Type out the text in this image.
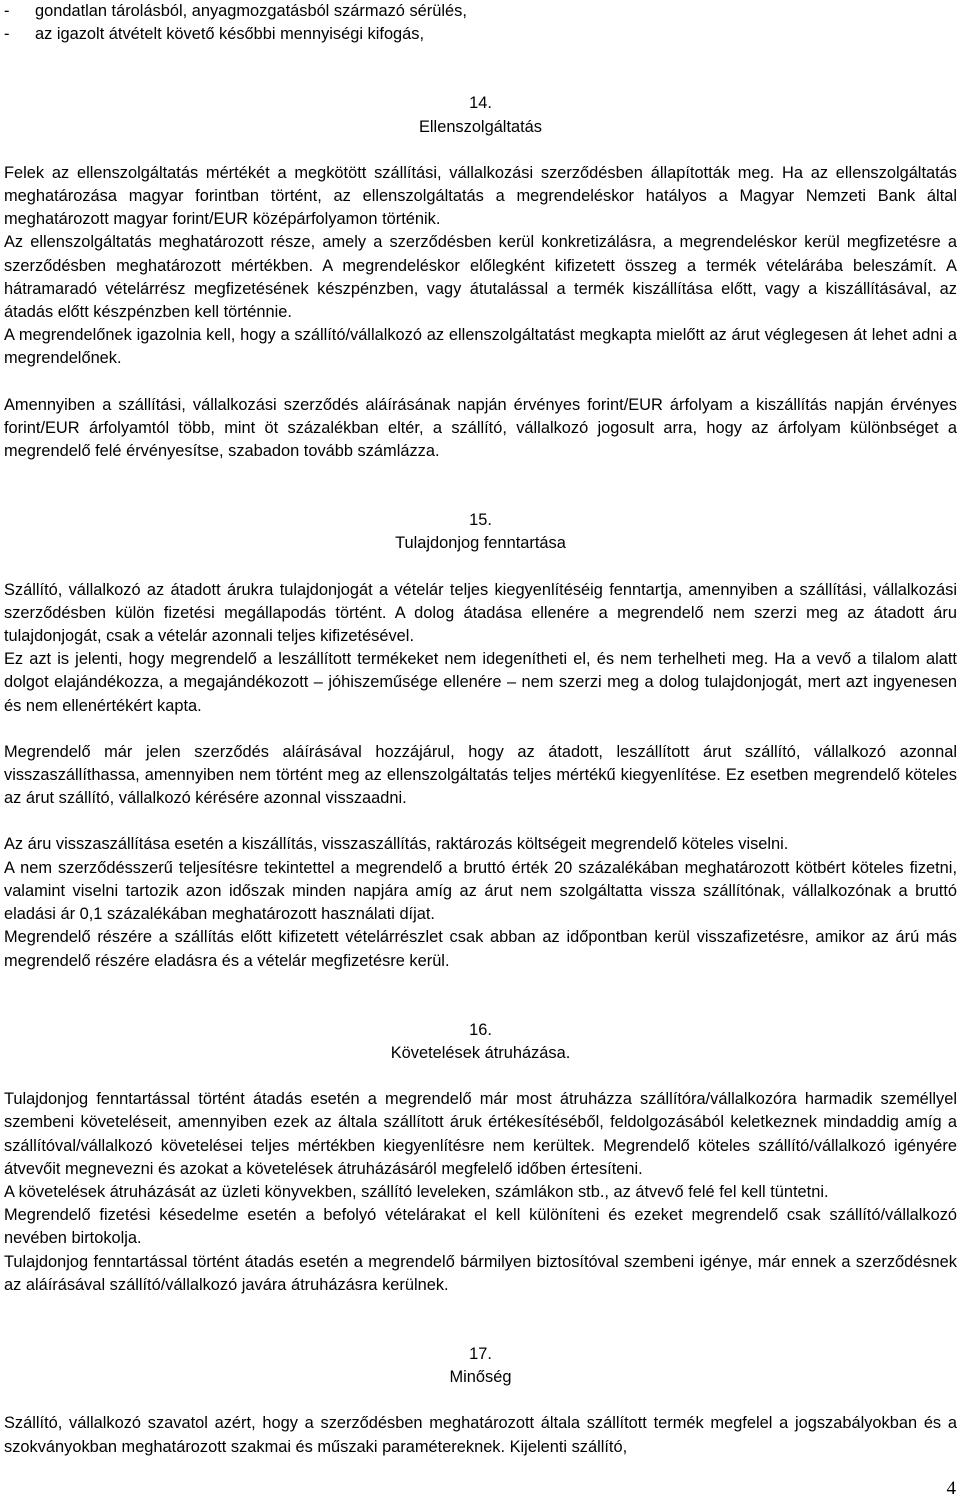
- gondatlan tárolásból, anyagmozgatásból származó sérülés,
- az igazolt átvételt követő későbbi mennyiségi kifogás,

14.

Ellenszolgáltatás

Felek az ellenszolgáltatás mértékét a megkötött szállítási, vállalkozási szerződésben állapították meg. Ha az ellenszolgáltatás meghatározása magyar forintban történt, az ellenszolgáltatás a megrendeléskor hatályos a Magyar Nemzeti Bank által meghatározott magyar forint/EUR középárfolyamon történik.

Az ellenszolgáltatás meghatározott része, amely a szerződésben kerül konkretizálásra, a megrendeléskor kerül megfizetésre a szerződésben meghatározott mértékben. A megrendeléskor előlegként kifizetett összeg a termék vételárába beleszámít. A hátramaradó vételárrész megfizetésének készpénzben, vagy átutalással a termék kiszállítása előtt, vagy a kiszállításával, az átadás előtt készpénzben kell történnie.

A megrendelőnek igazolnia kell, hogy a szállító/vállalkozó az ellenszolgáltatást megkapta mielőtt az árut véglegesen át lehet adni a megrendelőnek.

Amennyiben a szállítási, vállalkozási szerződés aláírásának napján érvényes forint/EUR árfolyam a kiszállítás napján érvényes forint/EUR árfolyamtól több, mint öt százalékban eltér, a szállító, vállalkozó jogosult arra, hogy az árfolyam különbséget a megrendelő felé érvényesítse, szabadon tovább számlázza.

15.

Tulajdonjog fenntartása

Szállító, vállalkozó az átadott árukra tulajdonjogát a vételár teljes kiegyenlítéséig fenntartja, amennyiben a szállítási, vállalkozási szerződésben külön fizetési megállapodás történt. A dolog átadása ellenére a megrendelő nem szerzi meg az átadott áru tulajdonjogát, csak a vételár azonnali teljes kifizetésével.

Ez azt is jelenti, hogy megrendelő a leszállított termékeket nem idegenítheti el, és nem terhelheti meg. Ha a vevő a tilalom alatt dolgot elajándékozza, a megajándékozott – jóhiszeműsége ellenére – nem szerzi meg a dolog tulajdonjogát, mert azt ingyenesen és nem ellenértékért kapta.

Megrendelő már jelen szerződés aláírásával hozzájárul, hogy az átadott, leszállított árut szállító, vállalkozó azonnal visszaszállíthassa, amennyiben nem történt meg az ellenszolgáltatás teljes mértékű kiegyenlítése. Ez esetben megrendelő köteles az árut szállító, vállalkozó kérésére azonnal visszaadni.

Az áru visszaszállítása esetén a kiszállítás, visszaszállítás, raktározás költségeit megrendelő köteles viselni.

A nem szerződésszerű teljesítésre tekintettel a megrendelő a bruttó érték 20 százalékában meghatározott kötbért köteles fizetni, valamint viselni tartozik azon időszak minden napjára amíg az árut nem szolgáltatta vissza szállítónak, vállalkozónak a bruttó eladási ár 0,1 százalékában meghatározott használati díjat.

Megrendelő részére a szállítás előtt kifizetett vételárrészlet csak abban az időpontban kerül visszafizetésre, amikor az árú más megrendelő részére eladásra és a vételár megfizetésre kerül.

16.

Követelések átruházása.

Tulajdonjog fenntartással történt átadás esetén a megrendelő már most átruházza szállítóra/vállalkozóra harmadik személlyel szembeni követeléseit, amennyiben ezek az általa szállított áruk értékesítéséből, feldolgozásából keletkeznek mindaddig amíg a szállítóval/vállalkozó követelései teljes mértékben kiegyenlítésre nem kerültek. Megrendelő köteles szállító/vállalkozó igényére átvevőit megnevezni és azokat a követelések átruházásáról megfelelő időben értesíteni.

A követelések átruházását az üzleti könyvekben, szállító leveleken, számlákon stb., az átvevő felé fel kell tüntetni.

Megrendelő fizetési késedelme esetén a befolyó vételárakat el kell különíteni és ezeket megrendelő csak szállító/vállalkozó nevében birtokolja.

Tulajdonjog fenntartással történt átadás esetén a megrendelő bármilyen biztosítóval szembeni igénye, már ennek a szerződésnek az aláírásával szállító/vállalkozó javára átruházásra kerülnek.

17.

Minőség

Szállító, vállalkozó szavatol azért, hogy a szerződésben meghatározott általa szállított termék megfelel a jogszabályokban és a szokványokban meghatározott szakmai és műszaki paramétereknek. Kijelenti szállító,

4
